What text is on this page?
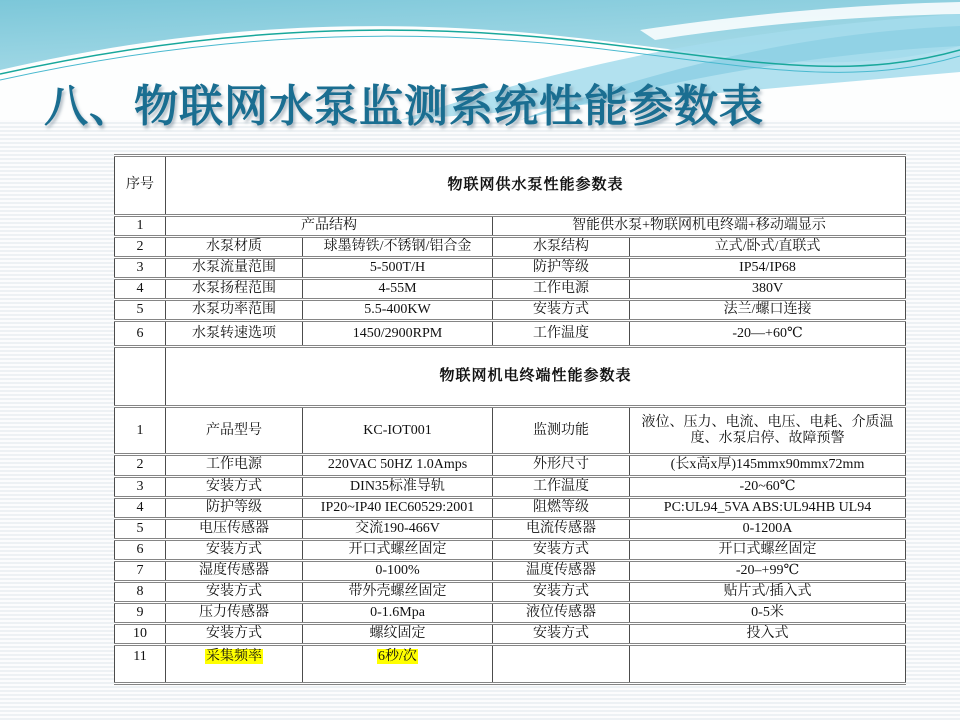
八、物联网水泵监测系统性能参数表
序号	物联网供水泵性能参数表			
1	产品结构		智能供水泵+物联网机电终端+移动端显示	
2	水泵材质	球墨铸铁/不锈钢/铝合金	水泵结构	立式/卧式/直联式
3	水泵流量范围	5-500T/H	防护等级	IP54/IP68
4	水泵扬程范围	4-55M	工作电源	380V
5	水泵功率范围	5.5-400KW	安装方式	法兰/螺口连接
6	水泵转速选项	1450/2900RPM	工作温度	-20—+60℃
	物联网机电终端性能参数表			
1	产品型号	KC-IOT001	监测功能	液位、压力、电流、电压、电耗、介质温度、水泵启停、故障预警
2	工作电源	220VAC 50HZ 1.0Amps	外形尺寸	(长x高x厚)145mmx90mmx72mm
3	安装方式	DIN35标准导轨	工作温度	-20~60℃
4	防护等级	IP20~IP40 IEC60529:2001	阻燃等级	PC:UL94_5VA ABS:UL94HB UL94
5	电压传感器	交流190-466V	电流传感器	0-1200A
6	安装方式	开口式螺丝固定	安装方式	开口式螺丝固定
7	湿度传感器	0-100%	温度传感器	-20–+99℃
8	安装方式	带外壳螺丝固定	安装方式	贴片式/插入式
9	压力传感器	0-1.6Mpa	液位传感器	0-5米
10	安装方式	螺纹固定	安装方式	投入式
11	采集频率	6秒/次		
